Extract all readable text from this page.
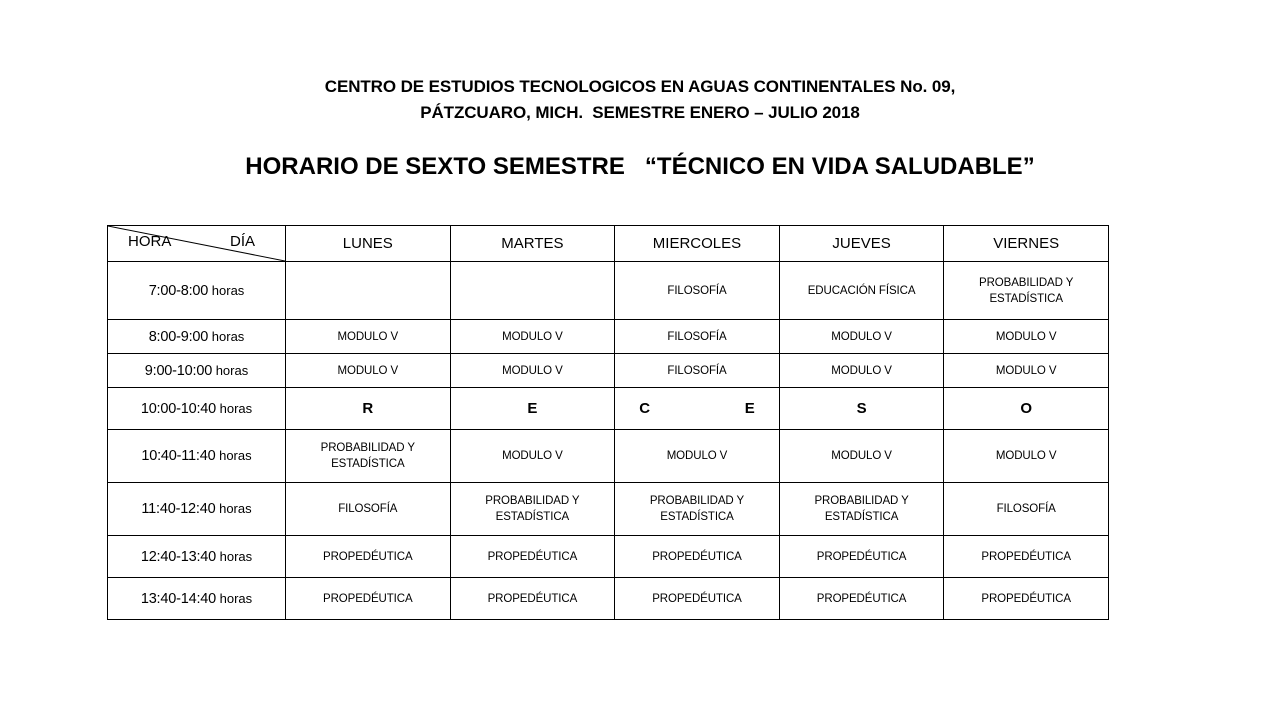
CENTRO DE ESTUDIOS TECNOLOGICOS EN AGUAS CONTINENTALES No. 09,
PÁTZCUARO, MICH.  SEMESTRE ENERO – JULIO 2018
HORARIO DE SEXTO SEMESTRE   “TÉCNICO EN VIDA SALUDABLE”
HORA DÍA	LUNES	MARTES	MIERCOLES	JUEVES	VIERNES
7:00-8:00 horas			FILOSOFÍA	EDUCACIÓN FÍSICA	PROBABILIDAD Y ESTADÍSTICA
8:00-9:00 horas	MODULO V	MODULO V	FILOSOFÍA	MODULO V	MODULO V
9:00-10:00 horas	MODULO V	MODULO V	FILOSOFÍA	MODULO V	MODULO V
10:00-10:40 horas	R	E	C E	S	O
10:40-11:40 horas	PROBABILIDAD Y ESTADÍSTICA	MODULO V	MODULO V	MODULO V	MODULO V
11:40-12:40 horas	FILOSOFÍA	PROBABILIDAD Y ESTADÍSTICA	PROBABILIDAD Y ESTADÍSTICA	PROBABILIDAD Y ESTADÍSTICA	FILOSOFÍA
12:40-13:40 horas	PROPEDÉUTICA	PROPEDÉUTICA	PROPEDÉUTICA	PROPEDÉUTICA	PROPEDÉUTICA
13:40-14:40 horas	PROPEDÉUTICA	PROPEDÉUTICA	PROPEDÉUTICA	PROPEDÉUTICA	PROPEDÉUTICA
